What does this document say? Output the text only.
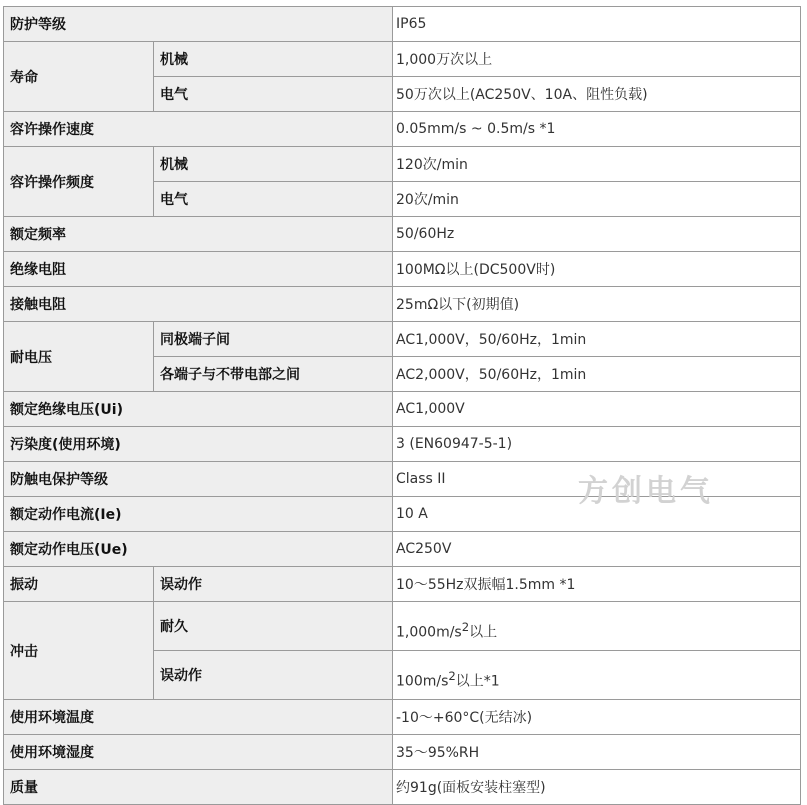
防护等级		IP65
寿命	机械	1,000万次以上
	电气	50万次以上(AC250V、10A、阻性负载)
容许操作速度		0.05mm/s ~ 0.5m/s *1
容许操作频度	机械	120次/min
	电气	20次/min
额定频率		50/60Hz
绝缘电阻		100MΩ以上(DC500V时)
接触电阻		25mΩ以下(初期值)
耐电压	同极端子间	AC1,000V，50/60Hz，1min
	各端子与不带电部之间	AC2,000V，50/60Hz，1min
额定绝缘电压(Ui)		AC1,000V
污染度(使用环境)		3 (EN60947-5-1)
防触电保护等级		Class II
额定动作电流(Ie)		10 A
额定动作电压(Ue)		AC250V
振动	误动作	10～55Hz双振幅1.5mm *1
冲击	耐久	$1,000m/s^2$以上
	误动作	$100m/s^2$以上*1
使用环境温度		-10～+60°C(无结冰)
使用环境湿度		35～95%RH
质量		约91g(面板安装柱塞型)
方创电气
